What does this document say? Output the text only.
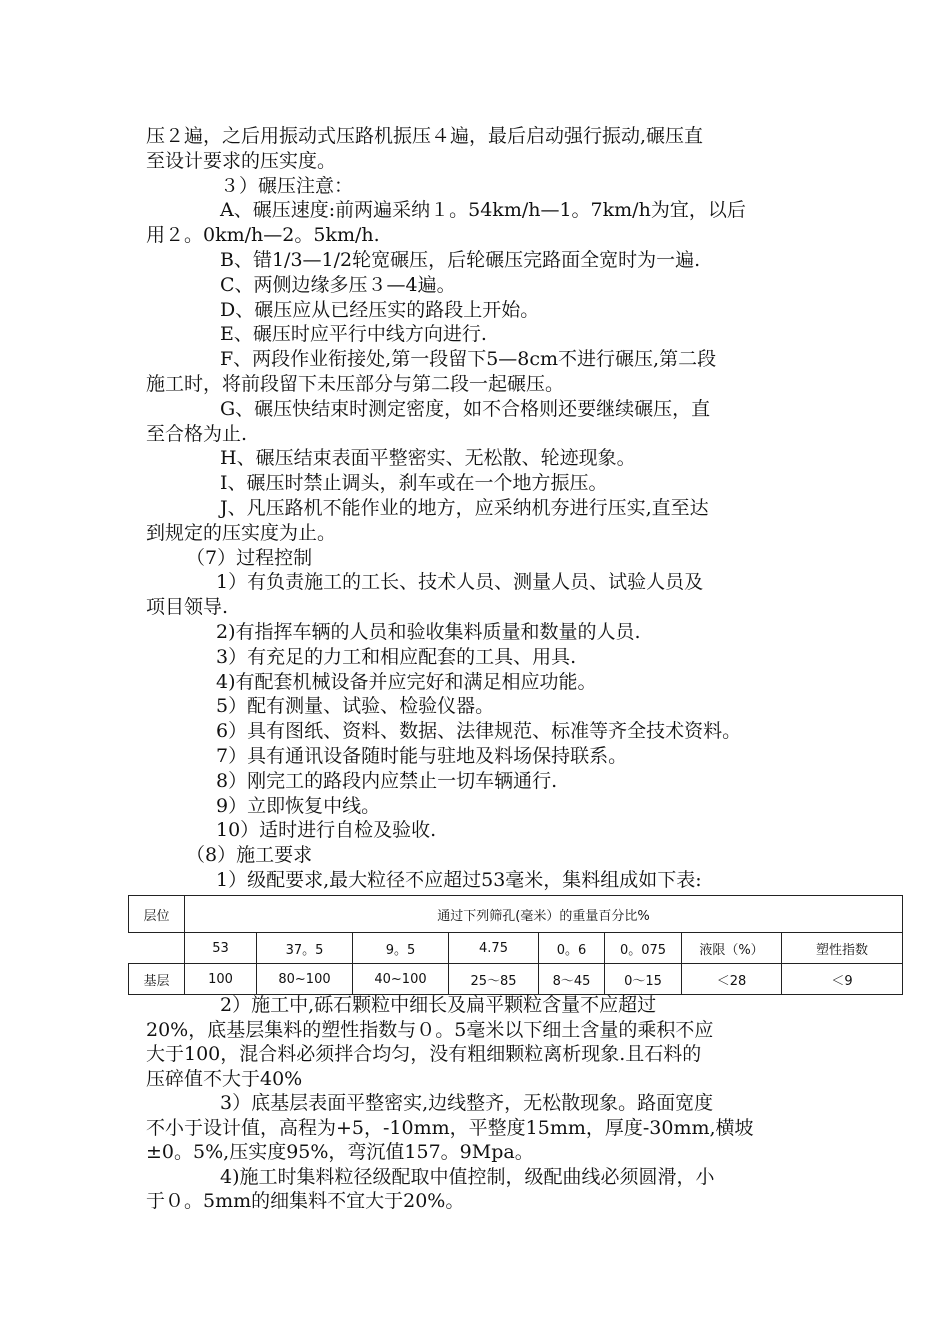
压２遍，之后用振动式压路机振压４遍，最后启动强行振动,碾压直
至设计要求的压实度。
３）碾压注意：
A、碾压速度:前两遍采纳１。54km/h—1。7km/h为宜，以后
用２。0km/h—2。5km/h.
B、错1/3—1/2轮宽碾压，后轮碾压完路面全宽时为一遍.
C、两侧边缘多压３—4遍。
D、碾压应从已经压实的路段上开始。
E、碾压时应平行中线方向进行.
F、两段作业衔接处,第一段留下5—8cm不进行碾压,第二段
施工时，将前段留下未压部分与第二段一起碾压。
G、碾压快结束时测定密度，如不合格则还要继续碾压，直
至合格为止.
H、碾压结束表面平整密实、无松散、轮迹现象。
I、碾压时禁止调头，刹车或在一个地方振压。
J、凡压路机不能作业的地方，应采纳机夯进行压实,直至达
到规定的压实度为止。
（7）过程控制
1）有负责施工的工长、技术人员、测量人员、试验人员及
项目领导.
2)有指挥车辆的人员和验收集料质量和数量的人员.
3）有充足的力工和相应配套的工具、用具.
4)有配套机械设备并应完好和满足相应功能。
5）配有测量、试验、检验仪器。
6）具有图纸、资料、数据、法律规范、标准等齐全技术资料。
7）具有通讯设备随时能与驻地及料场保持联系。
8）刚完工的路段内应禁止一切车辆通行.
9）立即恢复中线。
10）适时进行自检及验收.
（8）施工要求
1）级配要求,最大粒径不应超过53毫米，集料组成如下表:
层位	通过下列筛孔(毫米）的重量百分比%							
	53	37。5	9。5	4.75	0。6	0。075	液限（%）	塑性指数
基层	100	80~100	40~100	25～85	8～45	0～15	＜28	＜9
2）施工中,砾石颗粒中细长及扁平颗粒含量不应超过
20%，底基层集料的塑性指数与０。5毫米以下细土含量的乘积不应
大于100，混合料必须拌合均匀，没有粗细颗粒离析现象.且石料的
压碎值不大于40%
3）底基层表面平整密实,边线整齐，无松散现象。路面宽度
不小于设计值，高程为+5，-10mm，平整度15mm，厚度-30mm,横坡
±0。5%,压实度95%，弯沉值157。9Mpa。
4)施工时集料粒径级配取中值控制，级配曲线必须圆滑，小
于０。5mm的细集料不宜大于20%。
